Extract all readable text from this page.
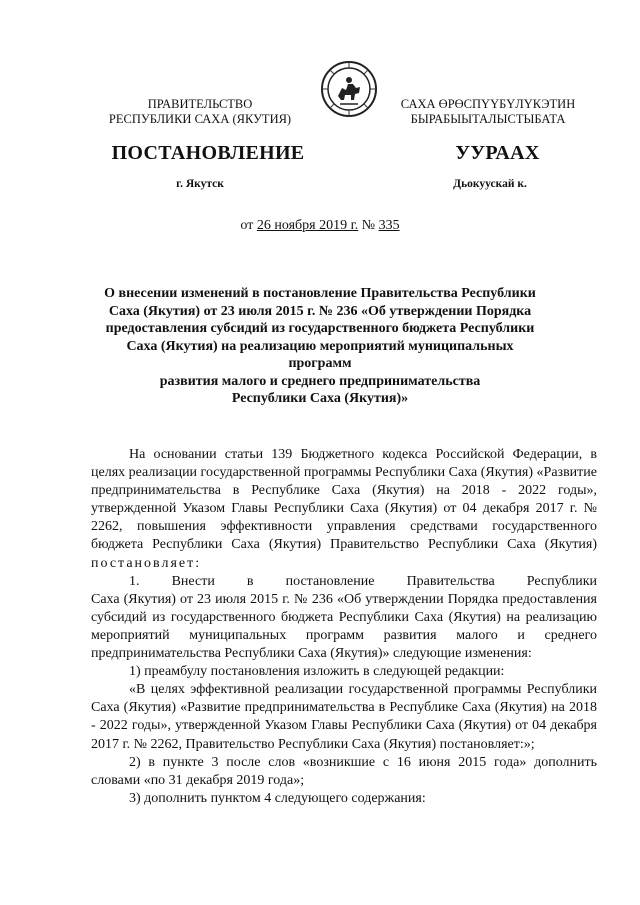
ПРАВИТЕЛЬСТВО
РЕСПУБЛИКИ САХА (ЯКУТИЯ)
САХА ӨРӨСПҮҮБҮЛҮКЭТИН
БЫРАБЫЫТАЛЫСТЫБАТА
ПОСТАНОВЛЕНИЕ	УУРААХ
г. Якутск	Дьокуускай к.
от 26 ноября 2019 г. № 335
О внесении изменений в постановление Правительства Республики
Саха (Якутия) от 23 июля 2015 г. № 236 «Об утверждении Порядка
предоставления субсидий из государственного бюджета Республики
Саха (Якутия) на реализацию мероприятий муниципальных программ
развития малого и среднего предпринимательства
Республики Саха (Якутия)»

На основании статьи 139 Бюджетного кодекса Российской Федерации, в целях реализации государственной программы Республики Саха (Якутия) «Развитие предпринимательства в Республике Саха (Якутия) на 2018 - 2022 годы», утвержденной Указом Главы Республики Саха (Якутия) от 04 декабря 2017 г. № 2262, повышения эффективности управления средствами государственного бюджета Республики Саха (Якутия) Правительство Республики Саха (Якутия) постановляет:

1. Внести в постановление Правительства Республики

Саха (Якутия) от 23 июля 2015 г. № 236 «Об утверждении Порядка предоставления субсидий из государственного бюджета Республики Саха (Якутия) на реализацию мероприятий муниципальных программ развития малого и среднего предпринимательства Республики Саха (Якутия)» следующие изменения:

1) преамбулу постановления изложить в следующей редакции:

«В целях эффективной реализации государственной программы Республики Саха (Якутия) «Развитие предпринимательства в Республике Саха (Якутия) на 2018 - 2022 годы», утвержденной Указом Главы Республики Саха (Якутия) от 04 декабря 2017 г. № 2262, Правительство Республики Саха (Якутия) постановляет:»;

2) в пункте 3 после слов «возникшие с 16 июня 2015 года» дополнить словами «по 31 декабря 2019 года»;

3) дополнить пунктом 4 следующего содержания:
